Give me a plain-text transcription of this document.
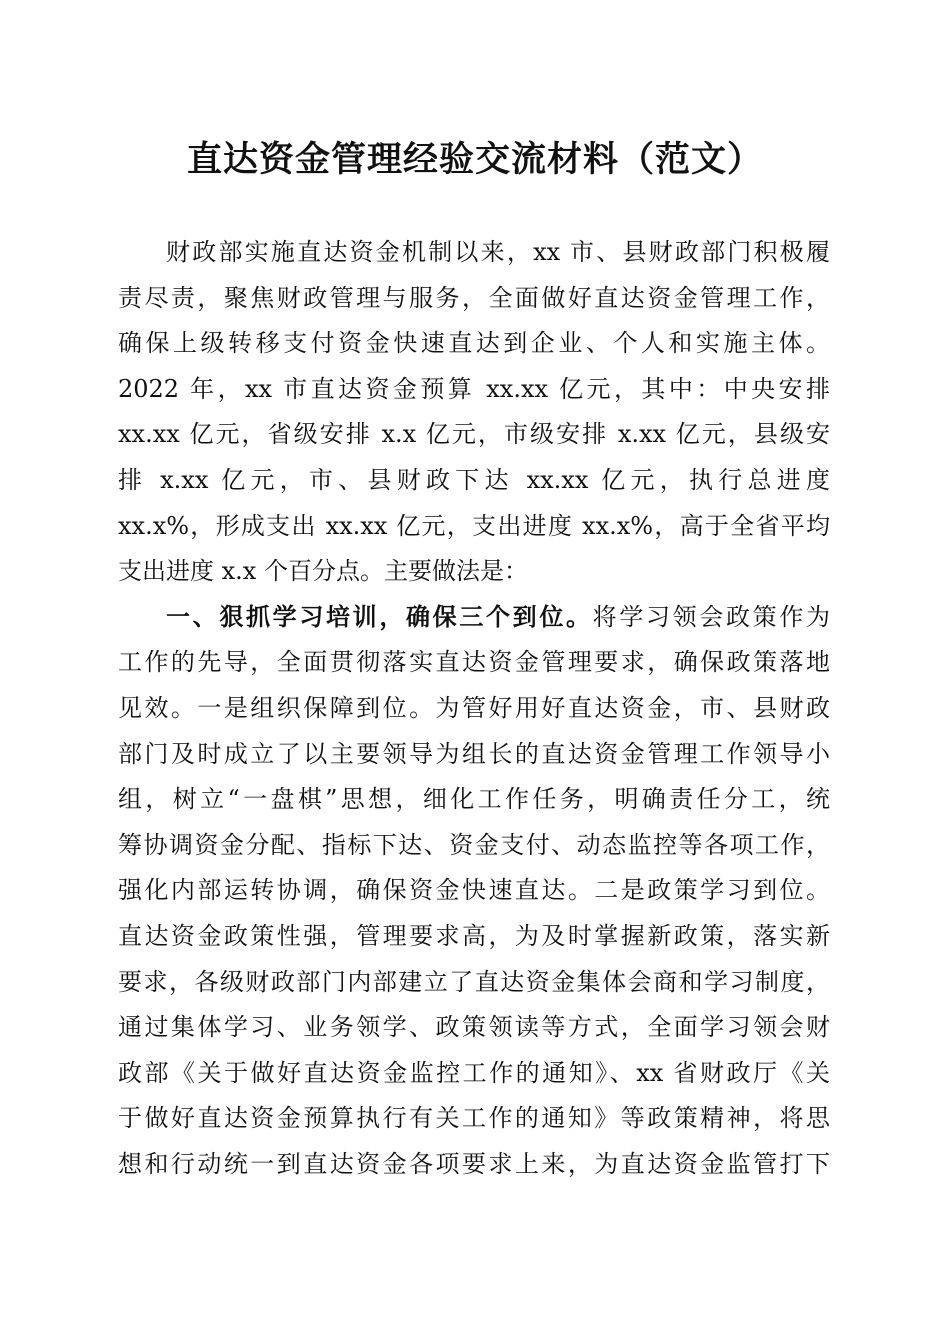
直达资金管理经验交流材料（范文）
财政部实施直达资金机制以来，xx 市、县财政部门积极履
责尽责，聚焦财政管理与服务，全面做好直达资金管理工作，
确保上级转移支付资金快速直达到企业、个人和实施主体。
2022 年，xx 市直达资金预算 xx.xx 亿元，其中：中央安排
xx.xx 亿元，省级安排 x.x 亿元，市级安排 x.xx 亿元，县级安
排 x.xx 亿元，市、县财政下达 xx.xx 亿元，执行总进度
xx.x%，形成支出 xx.xx 亿元，支出进度 xx.x%，高于全省平均
支出进度 x.x 个百分点。主要做法是：
一、狠抓学习培训，确保三个到位。将学习领会政策作为
工作的先导，全面贯彻落实直达资金管理要求，确保政策落地
见效。一是组织保障到位。为管好用好直达资金，市、县财政
部门及时成立了以主要领导为组长的直达资金管理工作领导小
组，树立“一盘棋”思想，细化工作任务，明确责任分工，统
筹协调资金分配、指标下达、资金支付、动态监控等各项工作，
强化内部运转协调，确保资金快速直达。二是政策学习到位。
直达资金政策性强，管理要求高，为及时掌握新政策，落实新
要求，各级财政部门内部建立了直达资金集体会商和学习制度，
通过集体学习、业务领学、政策领读等方式，全面学习领会财
政部《关于做好直达资金监控工作的通知》、xx 省财政厅《关
于做好直达资金预算执行有关工作的通知》等政策精神，将思
想和行动统一到直达资金各项要求上来，为直达资金监管打下
